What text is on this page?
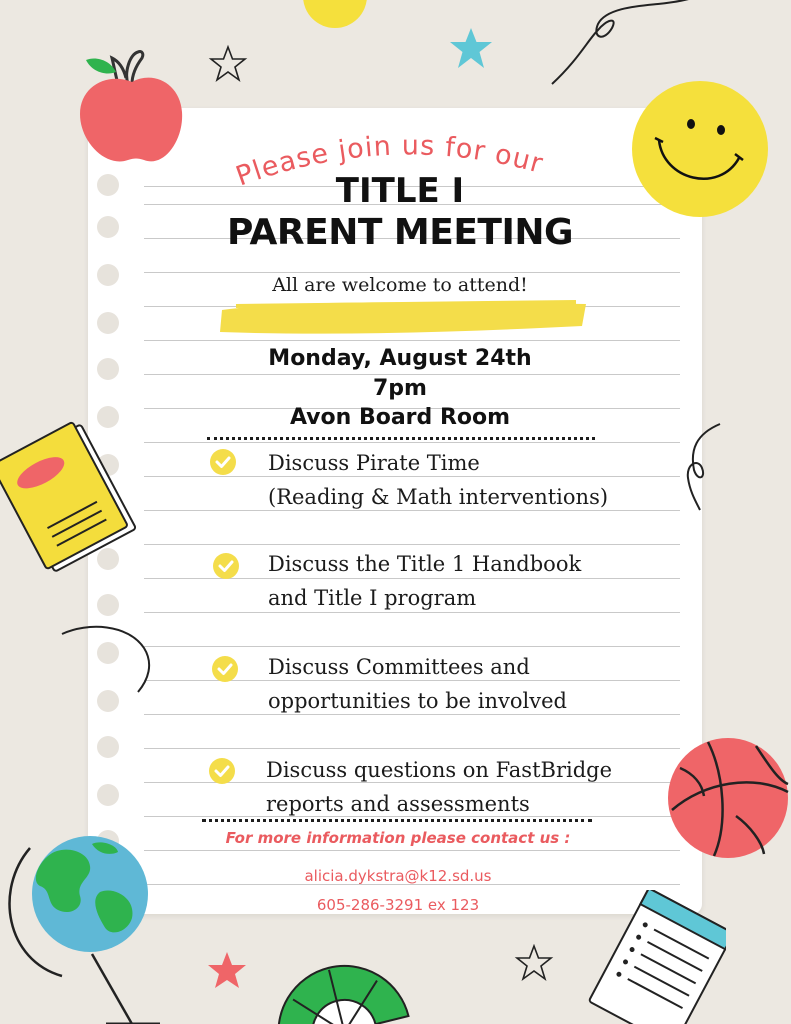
Please join us for our
TITLE I
PARENT MEETING
All are welcome to attend!
Monday, August 24th
7pm
Avon Board Room
Discuss Pirate Time
(Reading & Math interventions)
Discuss the Title 1 Handbook
and Title I program
Discuss Committees and
opportunities to be involved
Discuss questions on FastBridge
reports and assessments
For more information please contact us :
alicia.dykstra@k12.sd.us
605-286-3291 ex 123
